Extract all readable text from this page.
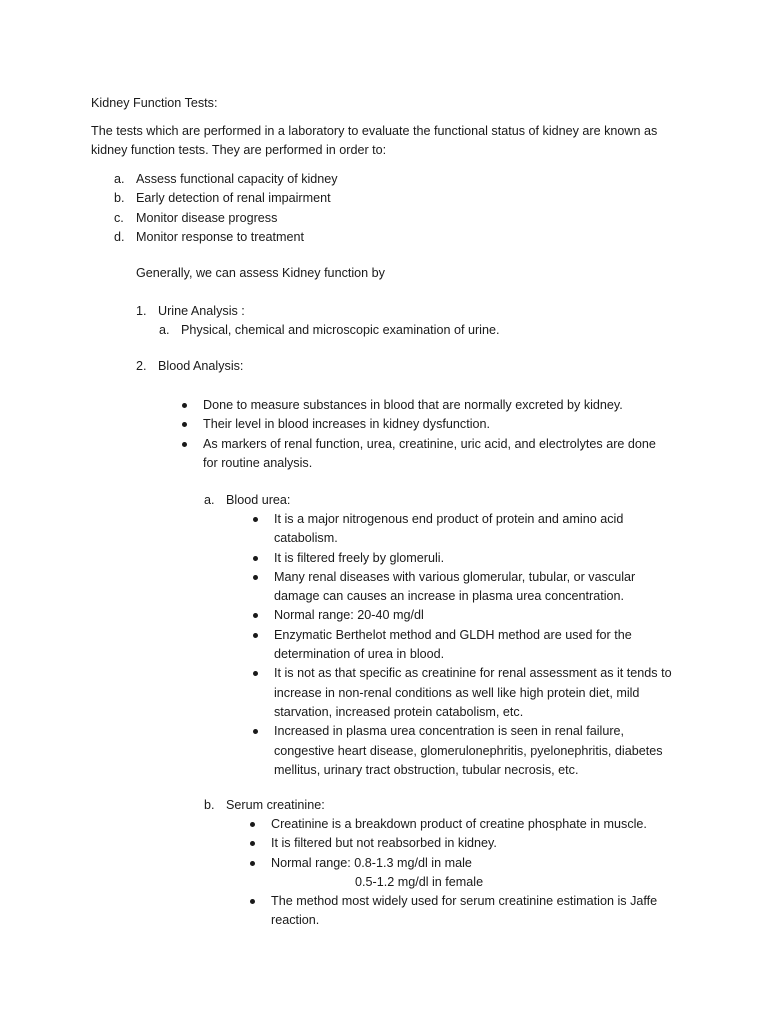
Kidney Function Tests:

The tests which are performed in a laboratory to evaluate the functional status of kidney are known as kidney function tests. They are performed in order to:

a. Assess functional capacity of kidney
b. Early detection of renal impairment
c. Monitor disease progress
d. Monitor response to treatment

Generally, we can assess Kidney function by

1. Urine Analysis :
a. Physical, chemical and microscopic examination of urine.
2. Blood Analysis:
Done to measure substances in blood that are normally excreted by kidney.
Their level in blood increases in kidney dysfunction.
As markers of renal function, urea, creatinine, uric acid, and electrolytes are done for routine analysis.
a. Blood urea:
It is a major nitrogenous end product of protein and amino acid catabolism.
It is filtered freely by glomeruli.
Many renal diseases with various glomerular, tubular, or vascular damage can causes an increase in plasma urea concentration.
Normal range: 20-40 mg/dl
Enzymatic Berthelot method and GLDH method are used for the determination of urea in blood.
It is not as that specific as creatinine for renal assessment as it tends to increase in non-renal conditions as well like high protein diet, mild starvation, increased protein catabolism, etc.
Increased in plasma urea concentration is seen in renal failure, congestive heart disease, glomerulonephritis, pyelonephritis, diabetes mellitus, urinary tract obstruction, tubular necrosis, etc.
b. Serum creatinine:
Creatinine is a breakdown product of creatine phosphate in muscle.
It is filtered but not reabsorbed in kidney.
Normal range: 0.8-1.3 mg/dl in male
0.5-1.2 mg/dl in female
The method most widely used for serum creatinine estimation is Jaffe reaction.
